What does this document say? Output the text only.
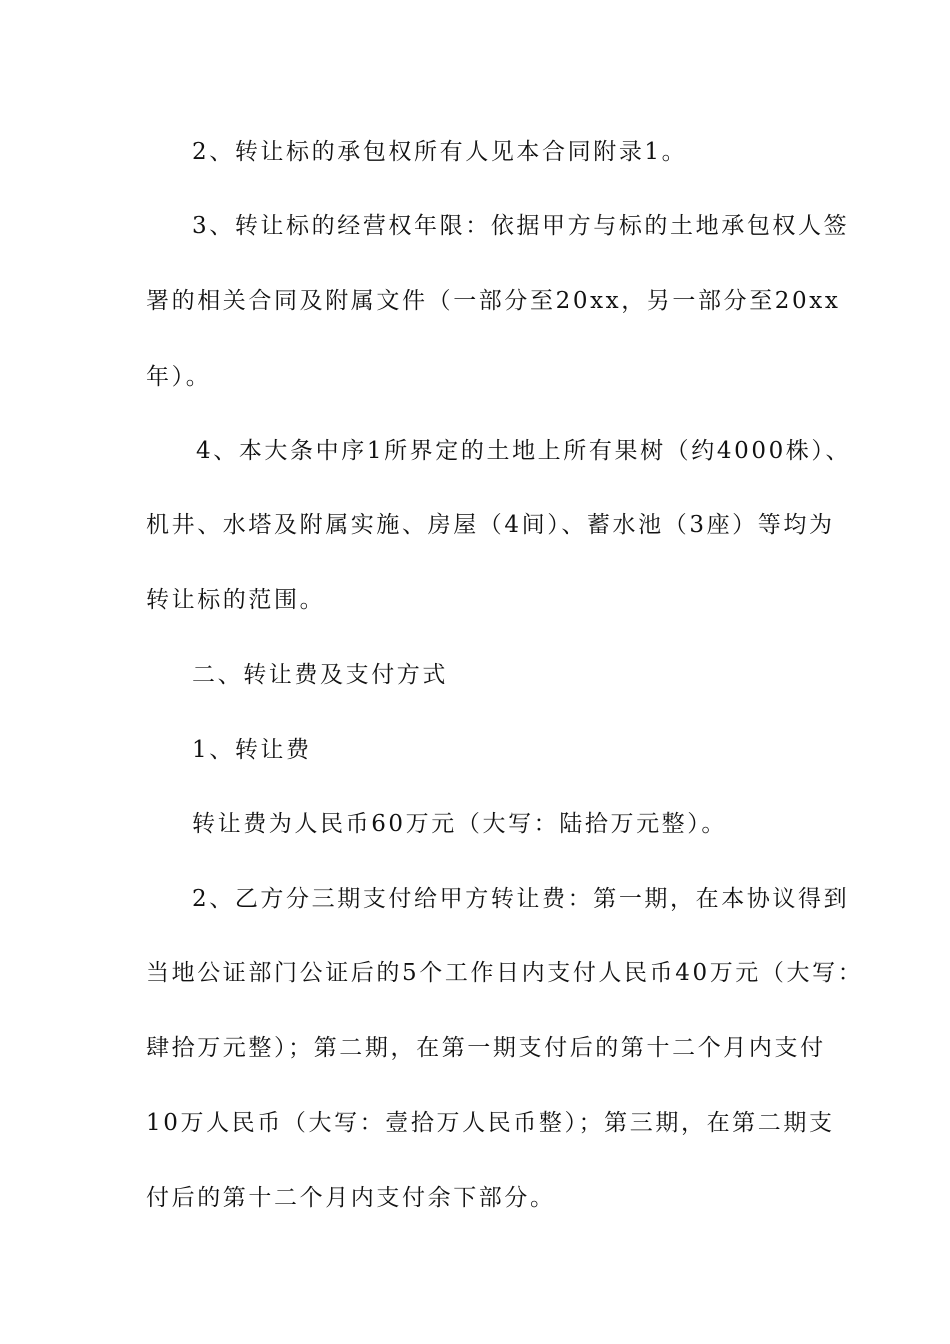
2、转让标的承包权所有人见本合同附录1。
3、转让标的经营权年限：依据甲方与标的土地承包权人签
署的相关合同及附属文件（一部分至20xx，另一部分至20xx
年）。
4、本大条中序1所界定的土地上所有果树（约4000株）、
机井、水塔及附属实施、房屋（4间）、蓄水池（3座）等均为
转让标的范围。
二、转让费及支付方式
1、转让费
转让费为人民币60万元（大写：陆拾万元整）。
2、乙方分三期支付给甲方转让费：第一期，在本协议得到
当地公证部门公证后的5个工作日内支付人民币40万元（大写：
肆拾万元整）；第二期，在第一期支付后的第十二个月内支付
10万人民币（大写：壹拾万人民币整）；第三期，在第二期支
付后的第十二个月内支付余下部分。
